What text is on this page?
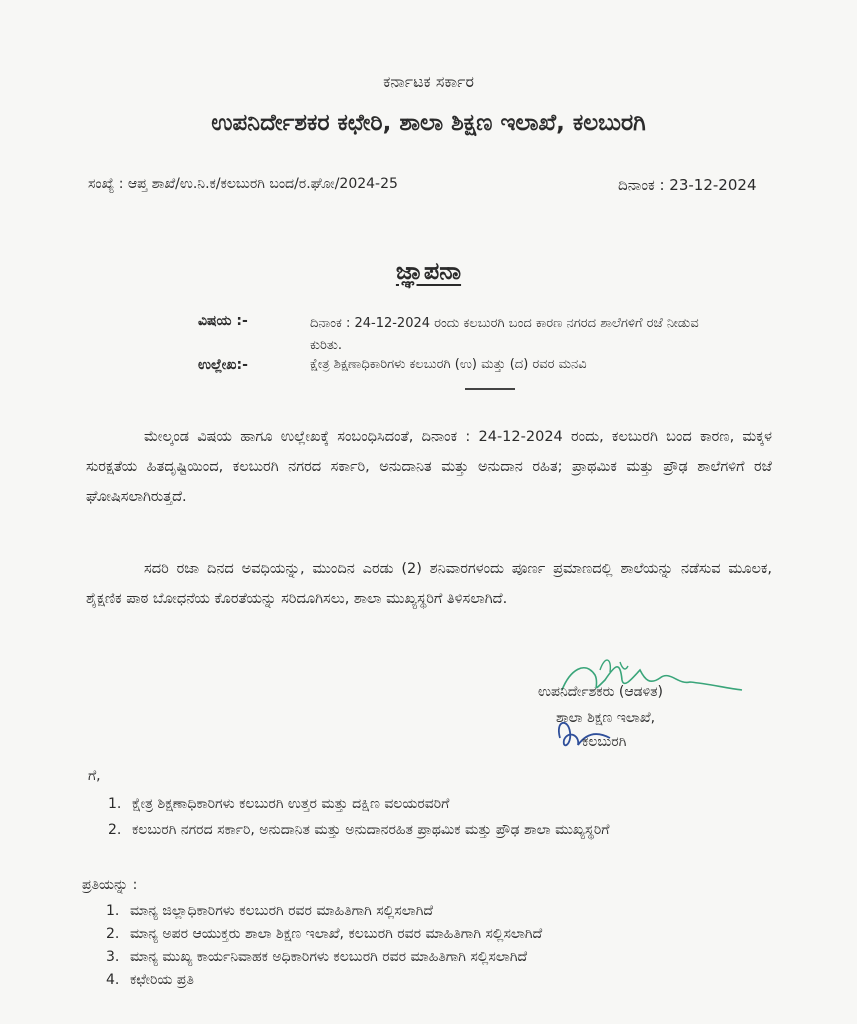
ಕರ್ನಾಟಕ ಸರ್ಕಾರ
ಉಪನಿರ್ದೇಶಕರ ಕಛೇರಿ, ಶಾಲಾ ಶಿಕ್ಷಣ ಇಲಾಖೆ, ಕಲಬುರಗಿ
ಸಂಖ್ಯೆ : ಆಪ್ತ ಶಾಖೆ/ಉ.ನಿ.ಕ/ಕಲಬುರಗಿ ಬಂದ/ರ.ಘೋ/2024-25	ದಿನಾಂಕ : 23-12-2024
ಜ್ಞಾಪನಾ
ವಿಷಯ :-	ದಿನಾಂಕ : 24-12-2024 ರಂದು ಕಲಬುರಗಿ ಬಂದ ಕಾರಣ ನಗರದ ಶಾಲೆಗಳಿಗೆ ರಜೆ ನೀಡುವ ಕುರಿತು.
ಉಲ್ಲೇಖ:-	ಕ್ಷೇತ್ರ ಶಿಕ್ಷಣಾಧಿಕಾರಿಗಳು ಕಲಬುರಗಿ (ಉ) ಮತ್ತು (ದ) ರವರ ಮನವಿ
ಮೇಲ್ಕಂಡ ವಿಷಯ ಹಾಗೂ ಉಲ್ಲೇಖಕ್ಕೆ ಸಂಬಂಧಿಸಿದಂತೆ, ದಿನಾಂಕ : 24-12-2024 ರಂದು, ಕಲಬುರಗಿ ಬಂದ ಕಾರಣ, ಮಕ್ಕಳ ಸುರಕ್ಷತೆಯ ಹಿತದೃಷ್ಟಿಯಿಂದ, ಕಲಬುರಗಿ ನಗರದ ಸರ್ಕಾರಿ, ಅನುದಾನಿತ ಮತ್ತು ಅನುದಾನ ರಹಿತ; ಪ್ರಾಥಮಿಕ ಮತ್ತು ಪ್ರೌಢ ಶಾಲೆಗಳಿಗೆ ರಜೆ ಘೋಷಿಸಲಾಗಿರುತ್ತದೆ.
ಸದರಿ ರಜಾ ದಿನದ ಅವಧಿಯನ್ನು, ಮುಂದಿನ ಎರಡು (2) ಶನಿವಾರಗಳಂದು ಪೂರ್ಣ ಪ್ರಮಾಣದಲ್ಲಿ ಶಾಲೆಯನ್ನು ನಡೆಸುವ ಮೂಲಕ, ಶೈಕ್ಷಣಿಕ ಪಾಠ ಬೋಧನೆಯ ಕೊರತೆಯನ್ನು ಸರಿದೂಗಿಸಲು, ಶಾಲಾ ಮುಖ್ಯಸ್ಥರಿಗೆ ತಿಳಿಸಲಾಗಿದೆ.
ಉಪನಿರ್ದೇಶಕರು (ಆಡಳಿತ)
ಶಾಲಾ ಶಿಕ್ಷಣ ಇಲಾಖೆ,
ಕಲಬುರಗಿ
ಗೆ,
1. ಕ್ಷೇತ್ರ ಶಿಕ್ಷಣಾಧಿಕಾರಿಗಳು ಕಲಬುರಗಿ ಉತ್ತರ ಮತ್ತು ದಕ್ಷಿಣ ವಲಯರವರಿಗೆ
2. ಕಲಬುರಗಿ ನಗರದ ಸರ್ಕಾರಿ, ಅನುದಾನಿತ ಮತ್ತು ಅನುದಾನರಹಿತ ಪ್ರಾಥಮಿಕ ಮತ್ತು ಪ್ರೌಢ ಶಾಲಾ ಮುಖ್ಯಸ್ಥರಿಗೆ
ಪ್ರತಿಯನ್ನು :
1. ಮಾನ್ಯ ಜಿಲ್ಲಾಧಿಕಾರಿಗಳು ಕಲಬುರಗಿ ರವರ ಮಾಹಿತಿಗಾಗಿ ಸಲ್ಲಿಸಲಾಗಿದೆ
2. ಮಾನ್ಯ ಅಪರ ಆಯುಕ್ತರು ಶಾಲಾ ಶಿಕ್ಷಣ ಇಲಾಖೆ, ಕಲಬುರಗಿ ರವರ ಮಾಹಿತಿಗಾಗಿ ಸಲ್ಲಿಸಲಾಗಿದೆ
3. ಮಾನ್ಯ ಮುಖ್ಯ ಕಾರ್ಯನಿವಾಹಕ ಅಧಿಕಾರಿಗಳು ಕಲಬುರಗಿ ರವರ ಮಾಹಿತಿಗಾಗಿ ಸಲ್ಲಿಸಲಾಗಿದೆ
4. ಕಛೇರಿಯ ಪ್ರತಿ
